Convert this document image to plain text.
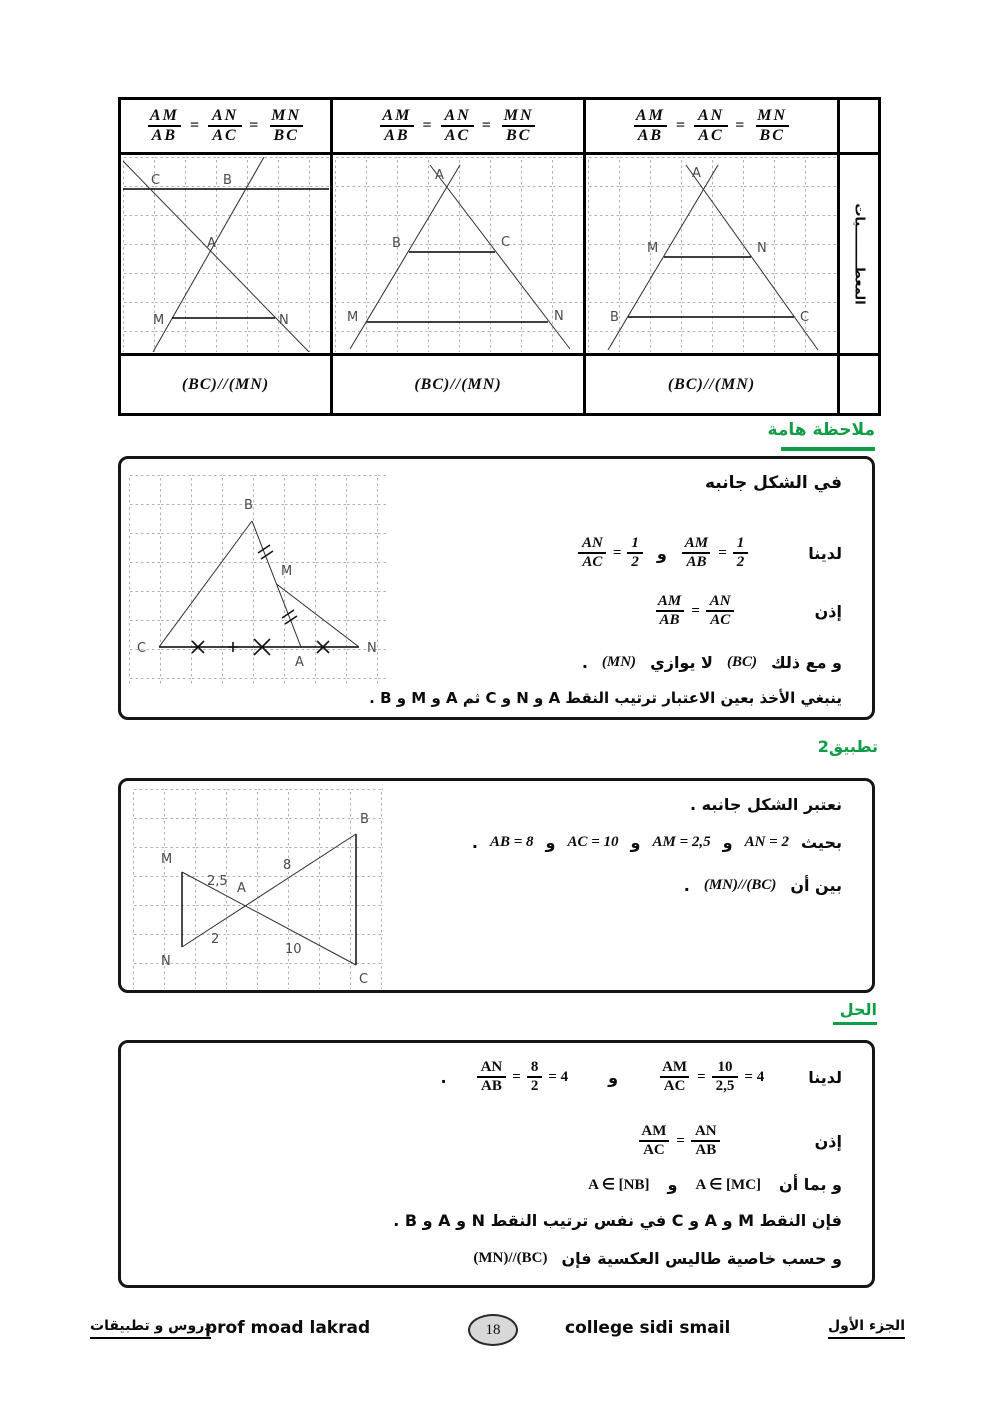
$\frac{AM}{AB} = \frac{AN}{AC} = \frac{MN}{BC}$	$\frac{AM}{AB} = \frac{AN}{AC} = \frac{MN}{BC}$	$\frac{AM}{AB} = \frac{AN}{AC} = \frac{MN}{BC}$
C	B
A
M	N
A
B	C
M	N
A
M	N
B	C
المعطـــــــــيات
(BC)//(MN)	(BC)//(MN)	(BC)//(MN)
ملاحظة هامة
B
M
C
A
N
في الشكل جانبه
لدينا
$\frac{AM}{AB} = \frac{1}{2}$
و
$\frac{AN}{AC} = \frac{1}{2}$
إذن
$\frac{AM}{AB} = \frac{AN}{AC}$
و مع ذلك
(BC)
لا يوازي
(MN)
.
ينبغي الأخذ بعين الاعتبار ترتيب النقط A و N و C ثم A و M و B .
تطبيق2
M
N
B
C
A
2,5
8
2
10
نعتبر الشكل جانبه .
بحيث
AN = 2
و
AM = 2,5
و
AC = 10
و
AB = 8
.
بين أن
(MN)//(BC)
.
الحل
لدينا
$\frac{AM}{AC} = \frac{10}{2,5} = 4$
و
$\frac{AN}{AB} = \frac{8}{2} = 4$
.
إذن
$\frac{AM}{AC} = \frac{AN}{AB}$
و بما أن
A ∈ [MC]
و
A ∈ [NB]
فإن النقط M و A و C في نفس ترتيب النقط N و A و B .
و حسب خاصية طاليس العكسية فإن
(MN)//(BC)
دروس و تطبيقات
prof moad lakrad	18	college sidi smail	الجزء الأول
